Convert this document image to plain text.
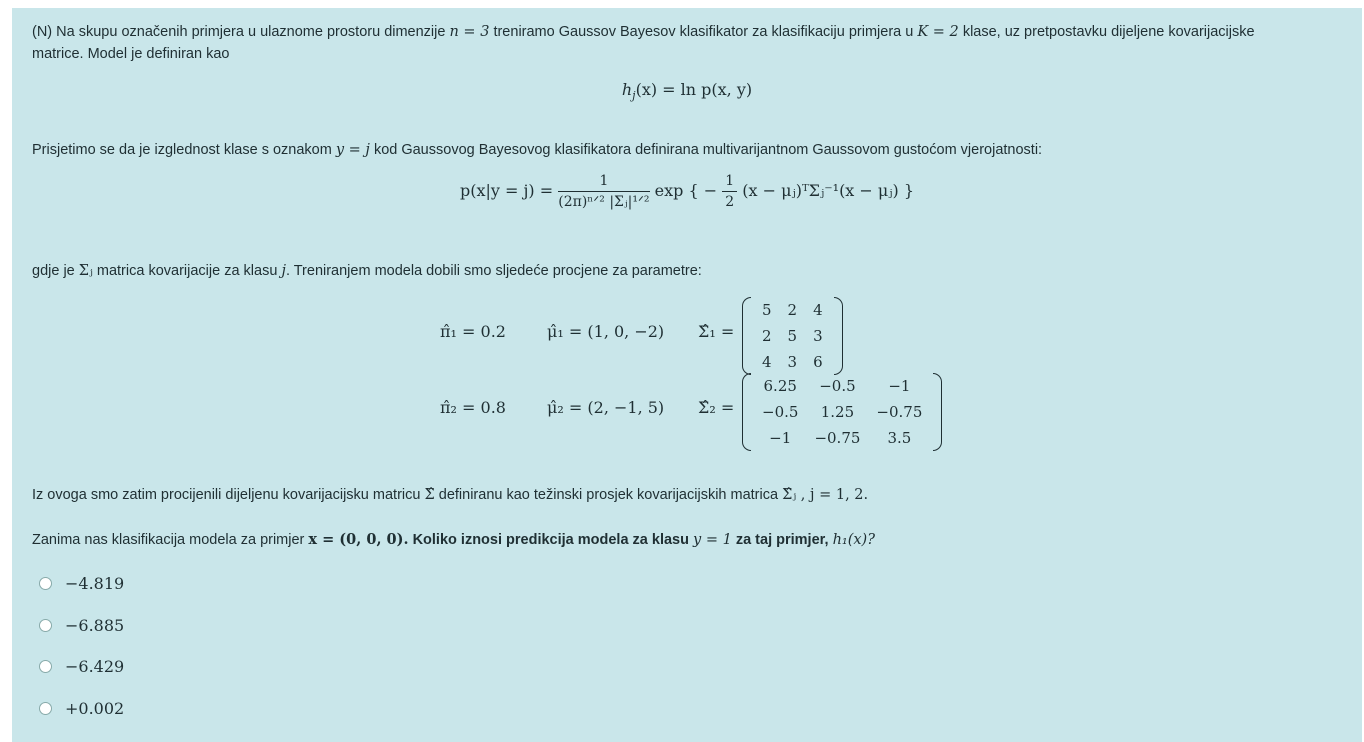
(N) Na skupu označenih primjera u ulaznome prostoru dimenzije n = 3 treniramo Gaussov Bayesov klasifikator za klasifikaciju primjera u K = 2 klase, uz pretpostavku dijeljene kovarijacijske
matrice. Model je definiran kao
$h_j(x) = \ln p(x$, y)
Prisjetimo se da je izglednost klase s oznakom y = j kod Gaussovog Bayesovog klasifikatora definirana multivarijantnom Gaussovom gustoćom vjerojatnosti:
$p(x|y = j) = \frac{1}{\text{(2π)ⁿᐟ² |Σⱼ|¹ᐟ²}}$ exp { − $\frac{1}{2} (x$ − μⱼ)ᵀΣⱼ⁻¹(x − μⱼ) }
gdje je Σⱼ matrica kovarijacije za klasu j. Treniranjem modela dobili smo sljedeće procjene za parametre:
π̂₁ = 0.2	μ̂₁ = (1, 0, −2) Σ̂₁ =
5	2	4
2	5	3
4	3	6
π̂₂ = 0.8	μ̂₂ = (2, −1, 5) Σ̂₂ =
6.25	−0.5	−1
−0.5	1.25	−0.75
−1	−0.75	3.5
Iz ovoga smo zatim procijenili dijeljenu kovarijacijsku matricu Σ̂ definiranu kao težinski prosjek kovarijacijskih matrica Σ̂ⱼ , j = 1, 2.
Zanima nas klasifikacija modela za primjer x = (0, 0, 0). Koliko iznosi predikcija modela za klasu y = 1 za taj primjer, h₁(x)?
−4.819
−6.885
−6.429
+0.002
